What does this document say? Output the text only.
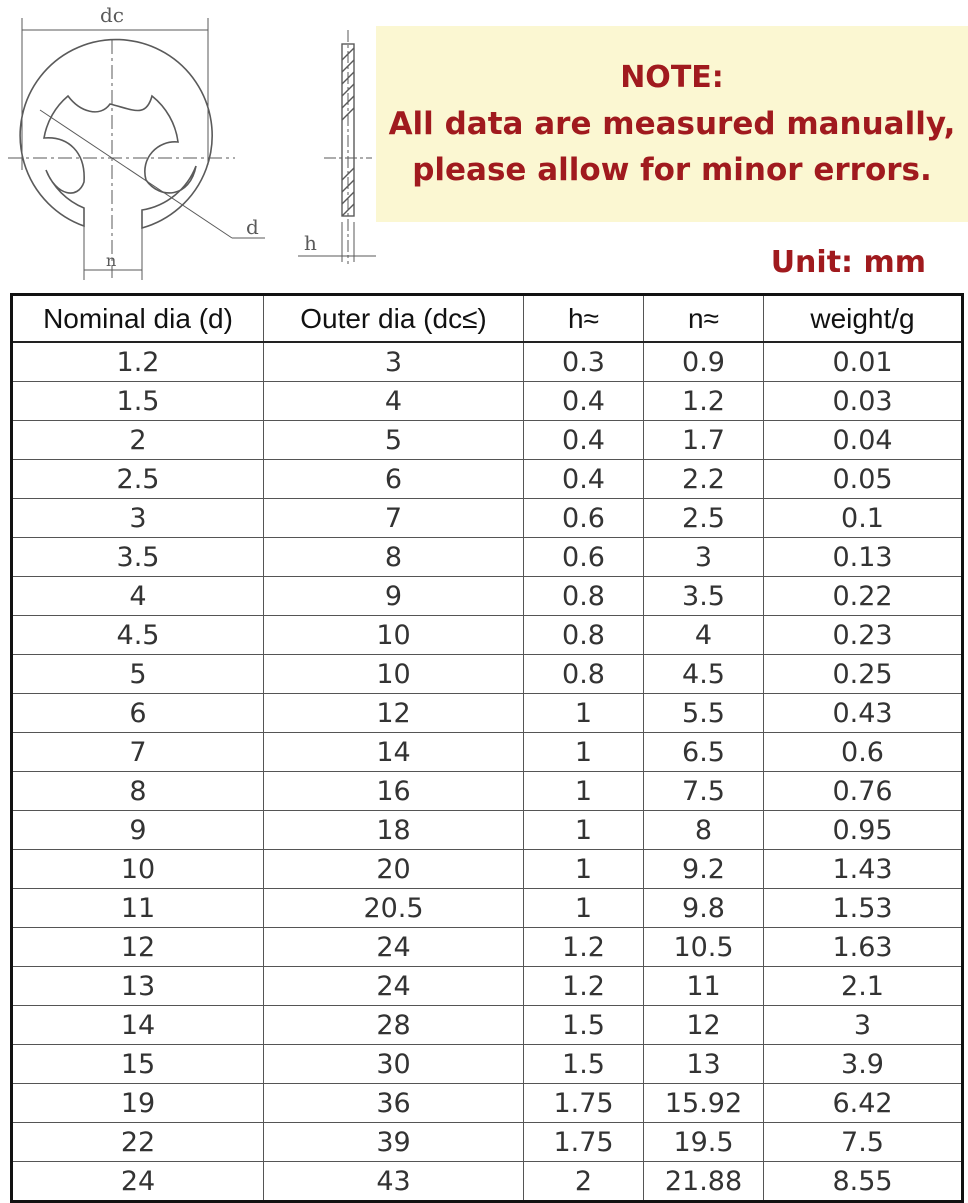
dc
d
n
h
NOTE:
All data are measured manually,
please allow for minor errors.
Unit: mm
Nominal dia (d)	Outer dia (dc≤)	h≈	n≈	weight/g
1.2	3	0.3	0.9	0.01
1.5	4	0.4	1.2	0.03
2	5	0.4	1.7	0.04
2.5	6	0.4	2.2	0.05
3	7	0.6	2.5	0.1
3.5	8	0.6	3	0.13
4	9	0.8	3.5	0.22
4.5	10	0.8	4	0.23
5	10	0.8	4.5	0.25
6	12	1	5.5	0.43
7	14	1	6.5	0.6
8	16	1	7.5	0.76
9	18	1	8	0.95
10	20	1	9.2	1.43
11	20.5	1	9.8	1.53
12	24	1.2	10.5	1.63
13	24	1.2	11	2.1
14	28	1.5	12	3
15	30	1.5	13	3.9
19	36	1.75	15.92	6.42
22	39	1.75	19.5	7.5
24	43	2	21.88	8.55
